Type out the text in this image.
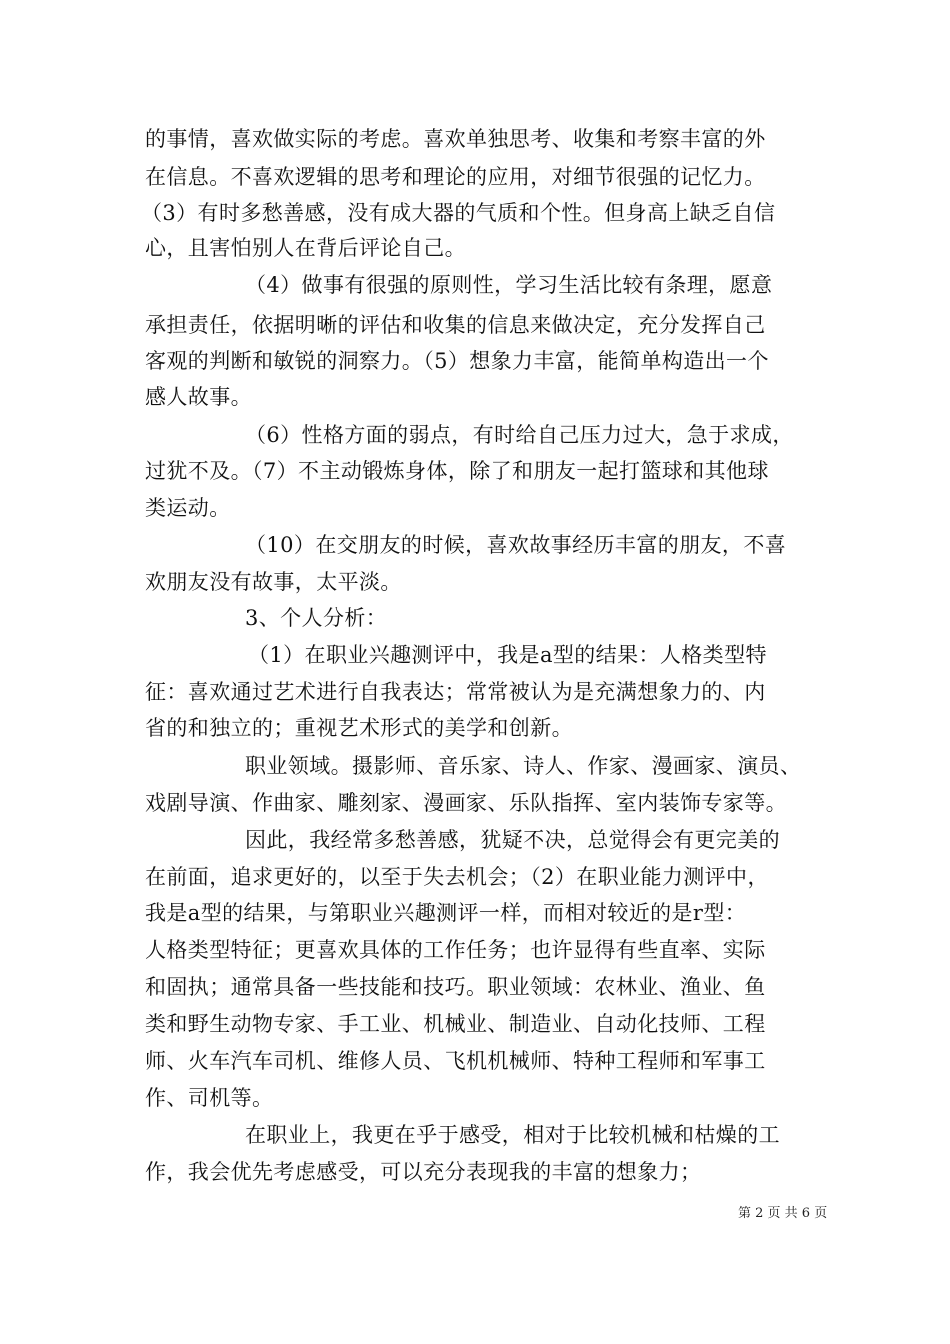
的事情，喜欢做实际的考虑。喜欢单独思考、收集和考察丰富的外
在信息。不喜欢逻辑的思考和理论的应用，对细节很强的记忆力。
（3）有时多愁善感，没有成大器的气质和个性。但身高上缺乏自信
心，且害怕别人在背后评论自己。
（4）做事有很强的原则性，学习生活比较有条理，愿意
承担责任，依据明晰的评估和收集的信息来做决定，充分发挥自己
客观的判断和敏锐的洞察力。（5）想象力丰富，能简单构造出一个
感人故事。
（6）性格方面的弱点，有时给自己压力过大，急于求成，
过犹不及。（7）不主动锻炼身体，除了和朋友一起打篮球和其他球
类运动。
（10）在交朋友的时候，喜欢故事经历丰富的朋友，不喜
欢朋友没有故事，太平淡。
3、个人分析：
（1）在职业兴趣测评中，我是a型的结果：人格类型特
征：喜欢通过艺术进行自我表达；常常被认为是充满想象力的、内
省的和独立的；重视艺术形式的美学和创新。
职业领域。摄影师、音乐家、诗人、作家、漫画家、演员、
戏剧导演、作曲家、雕刻家、漫画家、乐队指挥、室内装饰专家等。
因此，我经常多愁善感，犹疑不决，总觉得会有更完美的
在前面，追求更好的，以至于失去机会；（2）在职业能力测评中，
我是a型的结果，与第职业兴趣测评一样，而相对较近的是r型：
人格类型特征；更喜欢具体的工作任务；也许显得有些直率、实际
和固执；通常具备一些技能和技巧。职业领域：农林业、渔业、鱼
类和野生动物专家、手工业、机械业、制造业、自动化技师、工程
师、火车汽车司机、维修人员、飞机机械师、特种工程师和军事工
作、司机等。
在职业上，我更在乎于感受，相对于比较机械和枯燥的工
作，我会优先考虑感受，可以充分表现我的丰富的想象力；
第 2 页 共 6 页
